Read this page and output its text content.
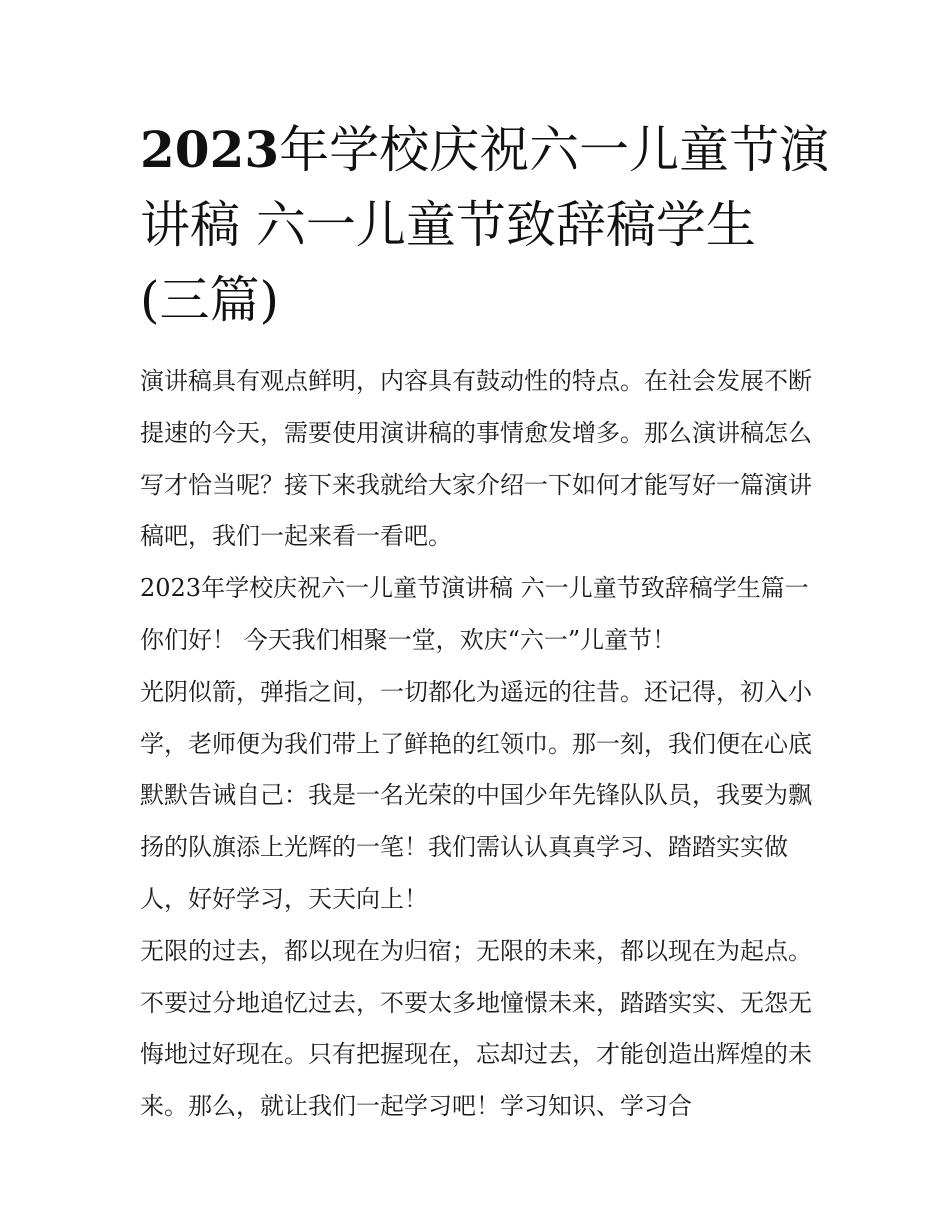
2023年学校庆祝六一儿童节演
讲稿 六一儿童节致辞稿学生
(三篇)

演讲稿具有观点鲜明，内容具有鼓动性的特点。在社会发展不断提速的今天，需要使用演讲稿的事情愈发增多。那么演讲稿怎么写才恰当呢？接下来我就给大家介绍一下如何才能写好一篇演讲稿吧，我们一起来看一看吧。

2023年学校庆祝六一儿童节演讲稿 六一儿童节致辞稿学生篇一 你们好！ 今天我们相聚一堂，欢庆“六一”儿童节！

光阴似箭，弹指之间，一切都化为遥远的往昔。还记得，初入小学，老师便为我们带上了鲜艳的红领巾。那一刻，我们便在心底默默告诫自己：我是一名光荣的中国少年先锋队队员，我要为飘扬的队旗添上光辉的一笔！我们需认认真真学习、踏踏实实做人，好好学习，天天向上！

无限的过去，都以现在为归宿；无限的未来，都以现在为起点。不要过分地追忆过去，不要太多地憧憬未来，踏踏实实、无怨无悔地过好现在。只有把握现在，忘却过去，才能创造出辉煌的未来。那么，就让我们一起学习吧！学习知识、学习合
